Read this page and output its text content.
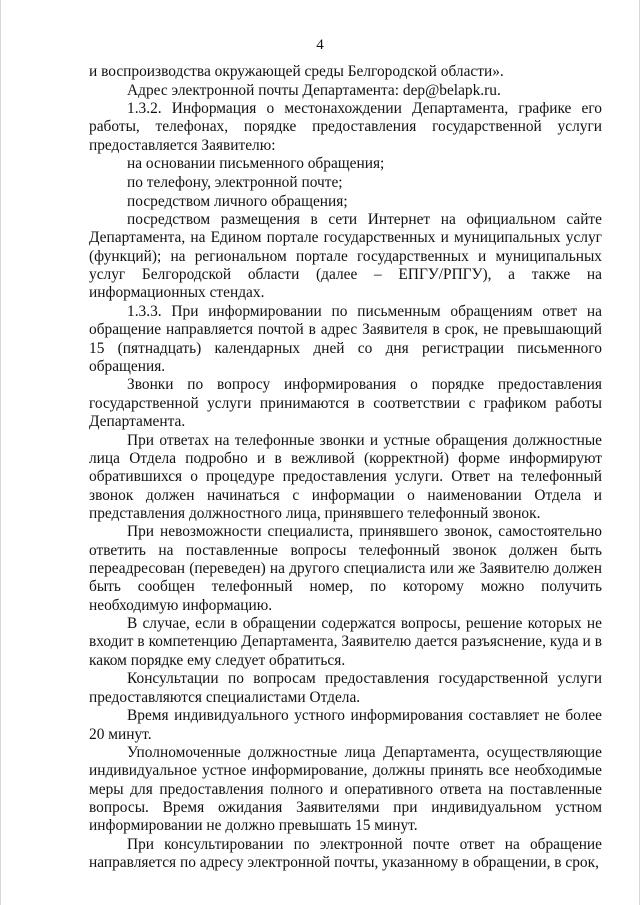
4

и воспроизводства окружающей среды Белгородской области».

Адрес электронной почты Департамента: dep@belapk.ru.

1.3.2. Информация о местонахождении Департамента, графике его работы, телефонах, порядке предоставления государственной услуги предоставляется Заявителю:

на основании письменного обращения;

по телефону, электронной почте;

посредством личного обращения;

посредством размещения в сети Интернет на официальном сайте Департамента, на Едином портале государственных и муниципальных услуг (функций); на региональном портале государственных и муниципальных услуг Белгородской области (далее – ЕПГУ/РПГУ), а также на информационных стендах.

1.3.3. При информировании по письменным обращениям ответ на обращение направляется почтой в адрес Заявителя в срок, не превышающий 15 (пятнадцать) календарных дней со дня регистрации письменного обращения.

Звонки по вопросу информирования о порядке предоставления государственной услуги принимаются в соответствии с графиком работы Департамента.

При ответах на телефонные звонки и устные обращения должностные лица Отдела подробно и в вежливой (корректной) форме информируют обратившихся о процедуре предоставления услуги. Ответ на телефонный звонок должен начинаться с информации о наименовании Отдела и представления должностного лица, принявшего телефонный звонок.

При невозможности специалиста, принявшего звонок, самостоятельно ответить на поставленные вопросы телефонный звонок должен быть переадресован (переведен) на другого специалиста или же Заявителю должен быть сообщен телефонный номер, по которому можно получить необходимую информацию.

В случае, если в обращении содержатся вопросы, решение которых не входит в компетенцию Департамента, Заявителю дается разъяснение, куда и в каком порядке ему следует обратиться.

Консультации по вопросам предоставления государственной услуги предоставляются специалистами Отдела.

Время индивидуального устного информирования составляет не более 20 минут.

Уполномоченные должностные лица Департамента, осуществляющие индивидуальное устное информирование, должны принять все необходимые меры для предоставления полного и оперативного ответа на поставленные вопросы. Время ожидания Заявителями при индивидуальном устном информировании не должно превышать 15 минут.

При консультировании по электронной почте ответ на обращение направляется по адресу электронной почты, указанному в обращении, в срок,
